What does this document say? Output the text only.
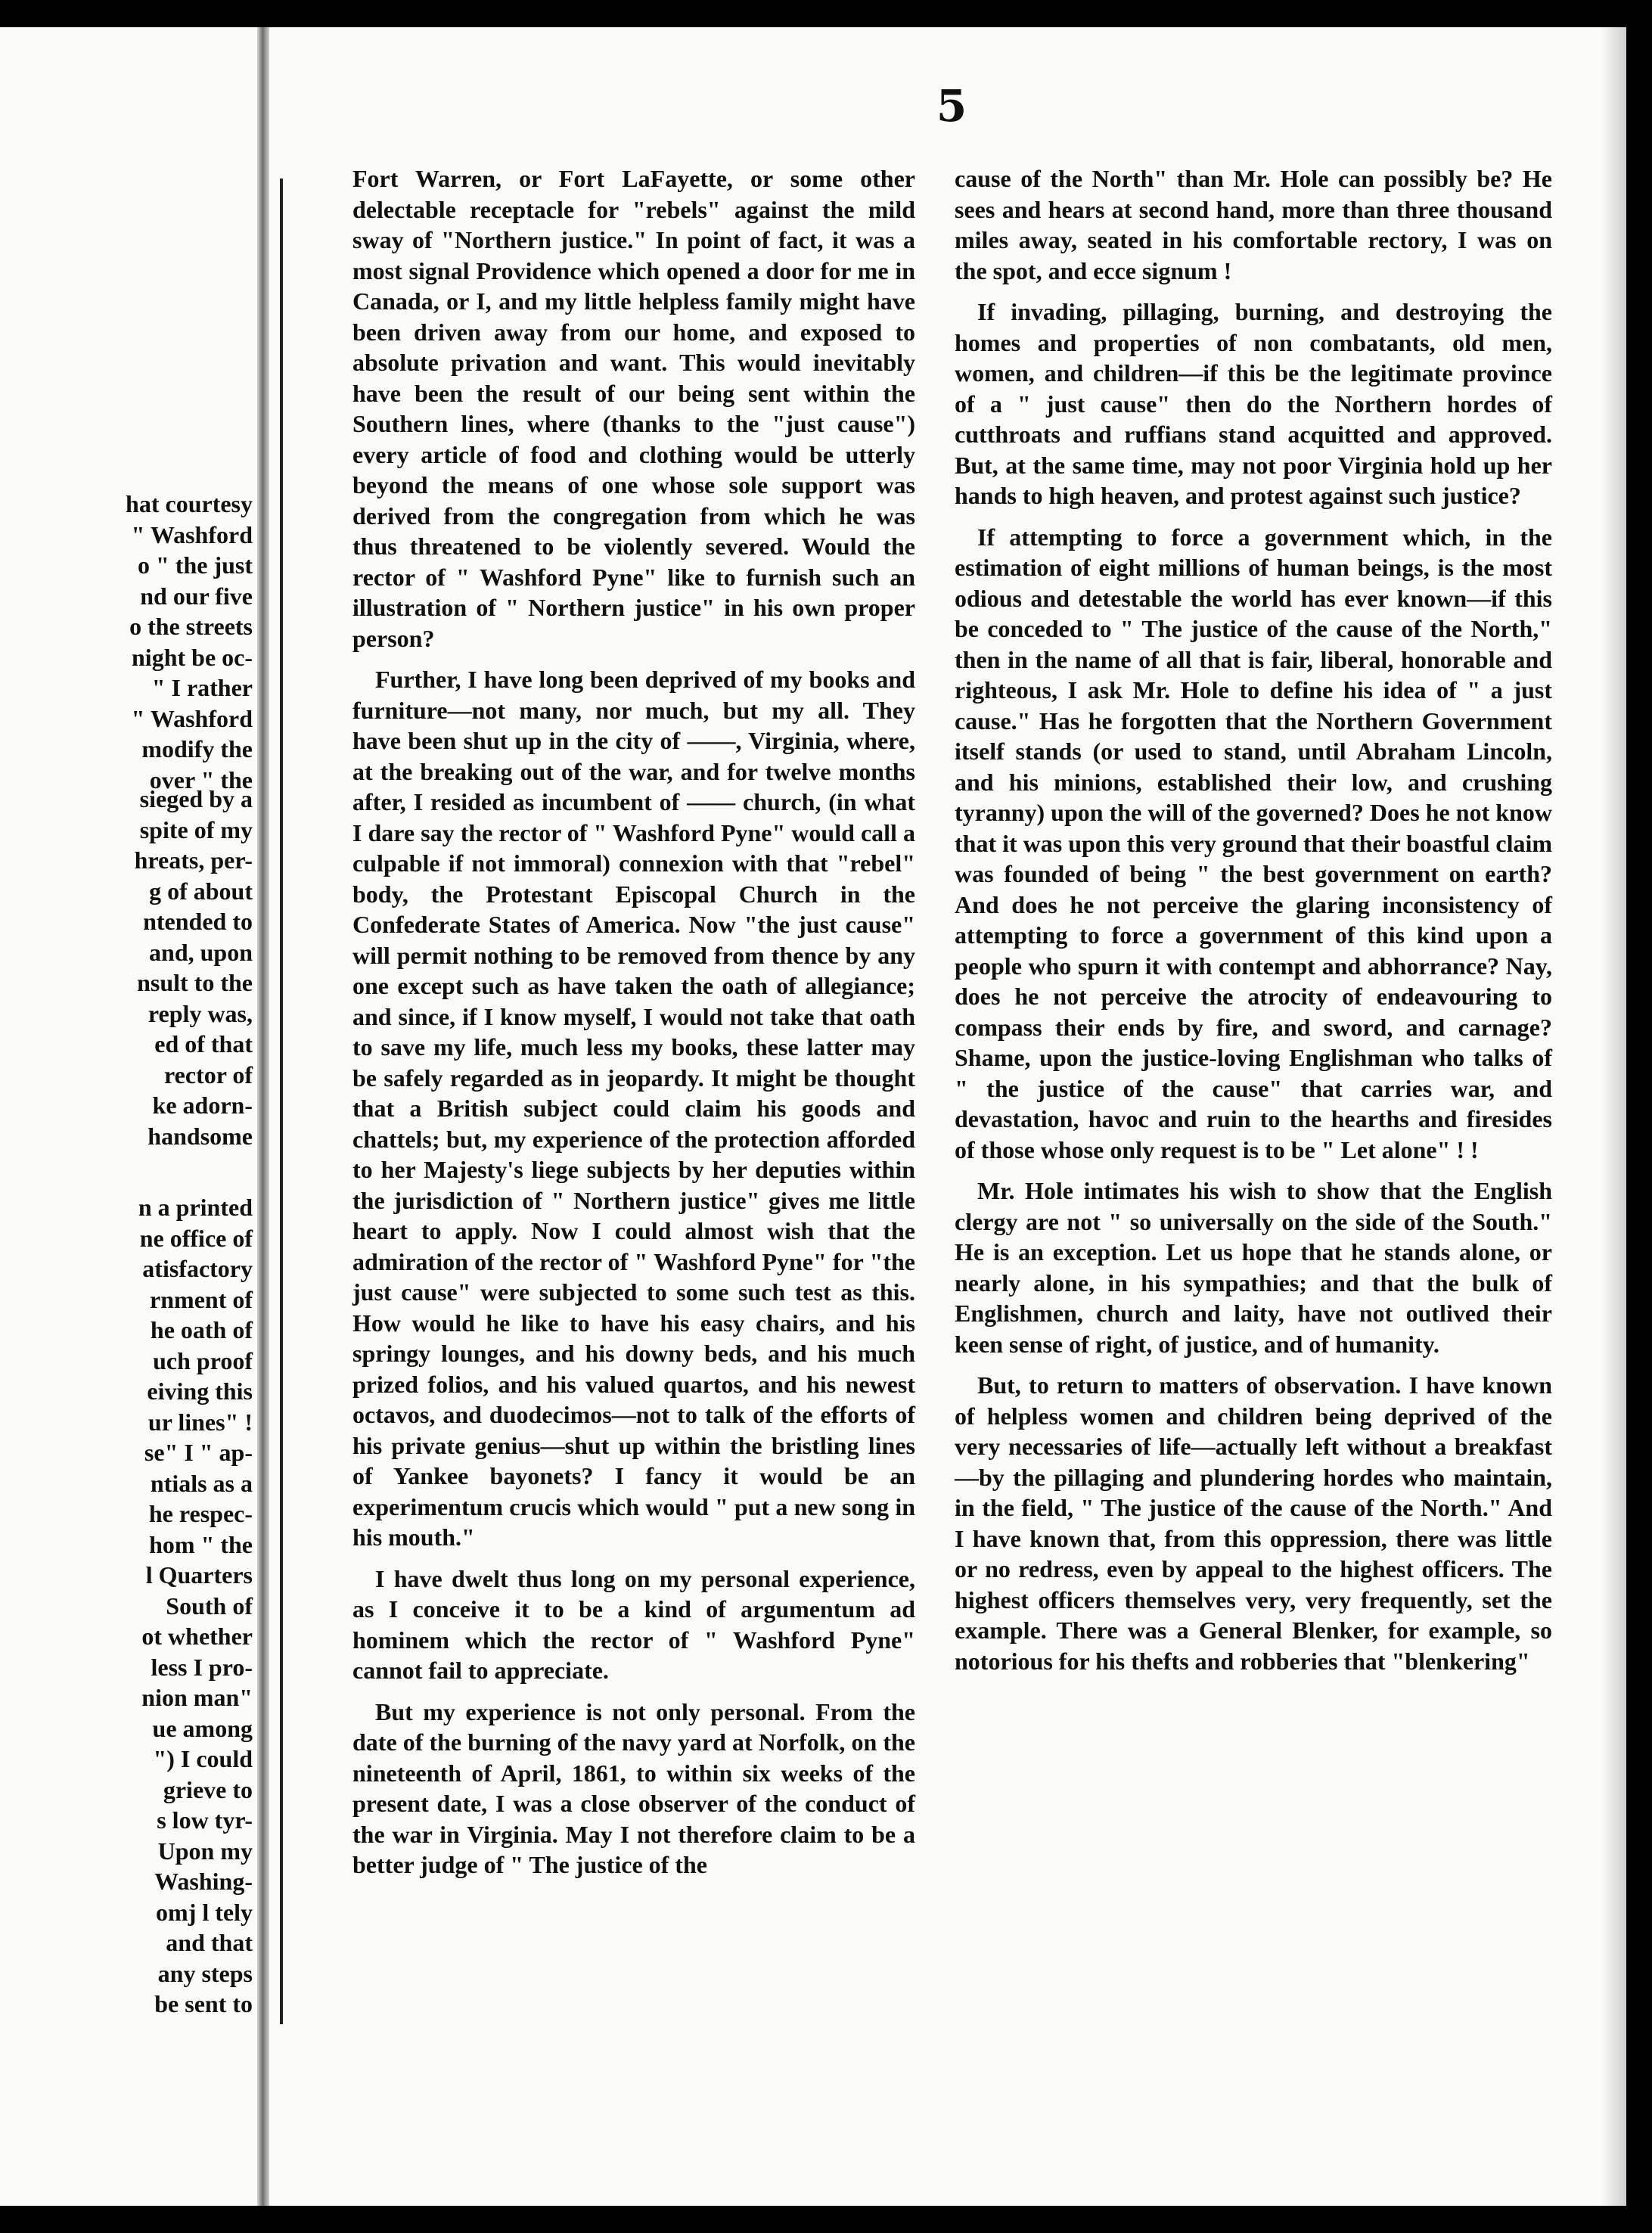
hat courtesy
" Washford
o " the just
nd our five
o the streets
night be oc-
" I rather
" Washford
modify the
over " the
sieged by a
spite of my
hreats, per-
g of about
ntended to
and, upon
nsult to the
reply was,
ed of that
rector of
ke adorn-
handsome
n a printed
ne office of
atisfactory
rnment of
he oath of
uch proof
eiving this
ur lines" !
se" I " ap-
ntials as a
he respec-
hom " the
l Quarters
South of
ot whether
less I pro-
nion man"
ue among
") I could
grieve to
s low tyr-
Upon my
Washing-
omj l tely
and that
any steps
be sent to
5

Fort Warren, or Fort LaFayette, or some other delectable receptacle for "rebels" against the mild sway of "Northern justice." In point of fact, it was a most signal Providence which opened a door for me in Canada, or I, and my little helpless family might have been driven away from our home, and exposed to absolute privation and want. This would inevitably have been the result of our being sent within the Southern lines, where (thanks to the "just cause") every article of food and clothing would be utterly beyond the means of one whose sole support was derived from the congregation from which he was thus threatened to be violently severed. Would the rector of " Washford Pyne" like to furnish such an illustration of " Northern justice" in his own proper person?

Further, I have long been deprived of my books and furniture—not many, nor much, but my all. They have been shut up in the city of ——, Virginia, where, at the breaking out of the war, and for twelve months after, I resided as incumbent of —— church, (in what I dare say the rector of " Washford Pyne" would call a culpable if not immoral) connexion with that "rebel" body, the Protestant Episcopal Church in the Confederate States of America. Now "the just cause" will permit nothing to be removed from thence by any one except such as have taken the oath of allegiance; and since, if I know myself, I would not take that oath to save my life, much less my books, these latter may be safely regarded as in jeopardy. It might be thought that a British subject could claim his goods and chattels; but, my experience of the protection afforded to her Majesty's liege subjects by her deputies within the jurisdiction of " Northern justice" gives me little heart to apply. Now I could almost wish that the admiration of the rector of " Washford Pyne" for "the just cause" were subjected to some such test as this. How would he like to have his easy chairs, and his springy lounges, and his downy beds, and his much prized folios, and his valued quartos, and his newest octavos, and duodecimos—not to talk of the efforts of his private genius—shut up within the bristling lines of Yankee bayonets? I fancy it would be an experimentum crucis which would " put a new song in his mouth."

I have dwelt thus long on my personal experience, as I conceive it to be a kind of argumentum ad hominem which the rector of " Washford Pyne" cannot fail to appreciate.

But my experience is not only personal. From the date of the burning of the navy yard at Norfolk, on the nineteenth of April, 1861, to within six weeks of the present date, I was a close observer of the conduct of the war in Virginia. May I not therefore claim to be a better judge of " The justice of the

cause of the North" than Mr. Hole can possibly be? He sees and hears at second hand, more than three thousand miles away, seated in his comfortable rectory, I was on the spot, and ecce signum !

If invading, pillaging, burning, and destroying the homes and properties of non combatants, old men, women, and children—if this be the legitimate province of a " just cause" then do the Northern hordes of cutthroats and ruffians stand acquitted and approved. But, at the same time, may not poor Virginia hold up her hands to high heaven, and protest against such justice?

If attempting to force a government which, in the estimation of eight millions of human beings, is the most odious and detestable the world has ever known—if this be conceded to " The justice of the cause of the North," then in the name of all that is fair, liberal, honorable and righteous, I ask Mr. Hole to define his idea of " a just cause." Has he forgotten that the Northern Government itself stands (or used to stand, until Abraham Lincoln, and his minions, established their low, and crushing tyranny) upon the will of the governed? Does he not know that it was upon this very ground that their boastful claim was founded of being " the best government on earth? And does he not perceive the glaring inconsistency of attempting to force a government of this kind upon a people who spurn it with contempt and abhorrance? Nay, does he not perceive the atrocity of endeavouring to compass their ends by fire, and sword, and carnage? Shame, upon the justice-loving Englishman who talks of " the justice of the cause" that carries war, and devastation, havoc and ruin to the hearths and firesides of those whose only request is to be " Let alone" ! !

Mr. Hole intimates his wish to show that the English clergy are not " so universally on the side of the South." He is an exception. Let us hope that he stands alone, or nearly alone, in his sympathies; and that the bulk of Englishmen, church and laity, have not outlived their keen sense of right, of justice, and of humanity.

But, to return to matters of observation. I have known of helpless women and children being deprived of the very necessaries of life—actually left without a breakfast—by the pillaging and plundering hordes who maintain, in the field, " The justice of the cause of the North." And I have known that, from this oppression, there was little or no redress, even by appeal to the highest officers. The highest officers themselves very, very frequently, set the example. There was a General Blenker, for example, so notorious for his thefts and robberies that "blenkering"
